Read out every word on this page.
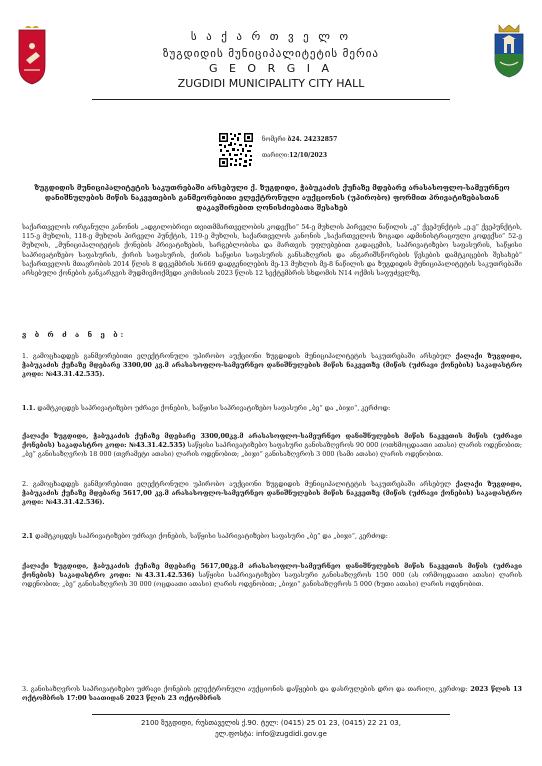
ს ა ქ ა რ თ ვ ე ლ ო
ზუგდიდის მუნიციპალიტეტის მერია
G E O R G I A
ZUGDIDI MUNICIPALITY CITY HALL
ნომერი ბ24. 24232857
თარიღი:12/10/2023
ზუგდიდის მუნიციპალიტეტის საკუთრებაში არსებული ქ. ზუგდიდი, ჭაბუკაძის ქუჩაზე მდებარე არასასოფლო-სამეურნეო დანიშნულების მიწის ნაკვეთების განმეორებითი ელექტრონული აუქციონის (უპირობო) ფორმით პრივატიზებასთან დაკავშირებით ღონისძიებათა შესახებ
საქართველოს ორგანული კანონის „ადგილობრივი თვითმმართველობის კოდექსი“ 54-ე მუხლის პირველი ნაწილის „ე“ ქვეპუნქტის „ე.ე“ ქვეპუნქტის, 115-ე მუხლის, 118-ე მუხლის პირველი პუნქტის, 119-ე მუხლის, საქართველოს კანონის „საქართველოს ზოგადი ადმინისტრაციული კოდექსი“ 52-ე მუხლის, „მუნიციპალიტეტის ქონების პრივატიზების, სარგებლობისა და მართვის უფლებებით გადაცემის, საპრივატიზებო საფასურის, საწყისი საპრივატიზებო საფასურის, ქირის საფასურის, ქირის საწყისი საფასურის განსაზღვრის და ანგარიშსწორების წესების დამტკიცების შესახებ“ საქართველოს მთავრობის 2014 წლის 8 დეკემბრის №669 დადგენილების მე-13 მუხლის მე-8 ნაწილის და ზუგდიდის მუნიციპალიტეტის საკუთრებაში არსებული ქონების განკარგვის მუდმივმოქმედი კომისიის 2023 წლის 12 სექტემბრის სხდომის N14 ოქმის საფუძველზე,
ვ ბ რ ძ ა ნ ე ბ:
1. გამოცხადდეს განმეორებითი ელექტრონული უპირობო აუქციონი ზუგდიდის მუნიციპალიტეტის საკუთრებაში არსებულ ქალაქი ზუგდიდი, ჭაბუკაძის ქუჩაზე მდებარე 3300,00 კვ.მ არასასოფლო-სამეურნეო დანიშნულების მიწის ნაკვეთზე (მიწის (უძრავი ქონების) საკადასტრო კოდი: №43.31.42.535).
1.1. დამტკიცდეს საპრივატიზებო უძრავი ქონების, საწყისი საპრივატიზებო საფასური „ბე“ და „ბიჯი“, კერძოდ:
ქალაქი ზუგდიდი, ჭაბუკაძის ქუჩაზე მდებარე 3300,00კვ.მ არასასოფლო-სამეურნეო დანიშნულების მიწის ნაკვეთის მიწის (უძრავი ქონების) საკადასტრო კოდი: №43.31.42.535) საწყისი საპრივატიზებო საფასური განისაზღვროს 90 000 (ოთხმოცდაათი ათასი) ლარის ოდენობით; „ბე“ განისაზღვროს 18 000 (თვრამეტი ათასი) ლარის ოდენობით; „ბიჯი“ განისაზღვროს 3 000 (სამი ათასი) ლარის ოდენობით.
2. გამოცხადდეს განმეორებითი ელექტრონული უპირობო აუქციონი ზუგდიდის მუნიციპალიტეტის საკუთრებაში არსებულ ქალაქი ზუგდიდი, ჭაბუკაძის ქუჩაზე მდებარე 5617,00 კვ.მ არასასოფლო-სამეურნეო დანიშნულების მიწის ნაკვეთზე (მიწის (უძრავი ქონების) საკადასტრო კოდი: №43.31.42.536).
2.1 დამტკიცდეს საპრივატიზებო უძრავი ქონების, საწყისი საპრივატიზებო საფასური „ბე“ და „ბიჯი“, კერძოდ:
ქალაქი ზუგდიდი, ჭაბუკაძის ქუჩაზე მდებარე 5617,00კვ.მ არასასოფლო-სამეურნეო დანიშნულების მიწის ნაკვეთის მიწის (უძრავი ქონების) საკადასტრო კოდი: №43.31.42.536) საწყისი საპრივატიზებო საფასური განისაზღვროს 150 000 (ას ორმოცდაათი ათასი) ლარის ოდენობით; „ბე“ განისაზღვროს 30 000 (ოცდაათი ათასი) ლარის ოდენობით; „ბიჯი“ განისაზღვროს 5 000 (ხუთი ათასი) ლარის ოდენობით.
3. განისაზღვროს საპრივატიზებო უძრავი ქონების ელექტრონული აუქციონის დაწყების და დასრულების დრო და თარიღი, კერძოდ: 2023 წლის 13 ოქტომბრის 17:00 საათიდან 2023 წლის 23 ოქტომბრის
2100 ზუგდიდი, რუსთაველის ქ.90. ტელ: (0415) 25 01 23, (0415) 22 21 03,
ელ.ფოსტა: info@zugdidi.gov.ge
